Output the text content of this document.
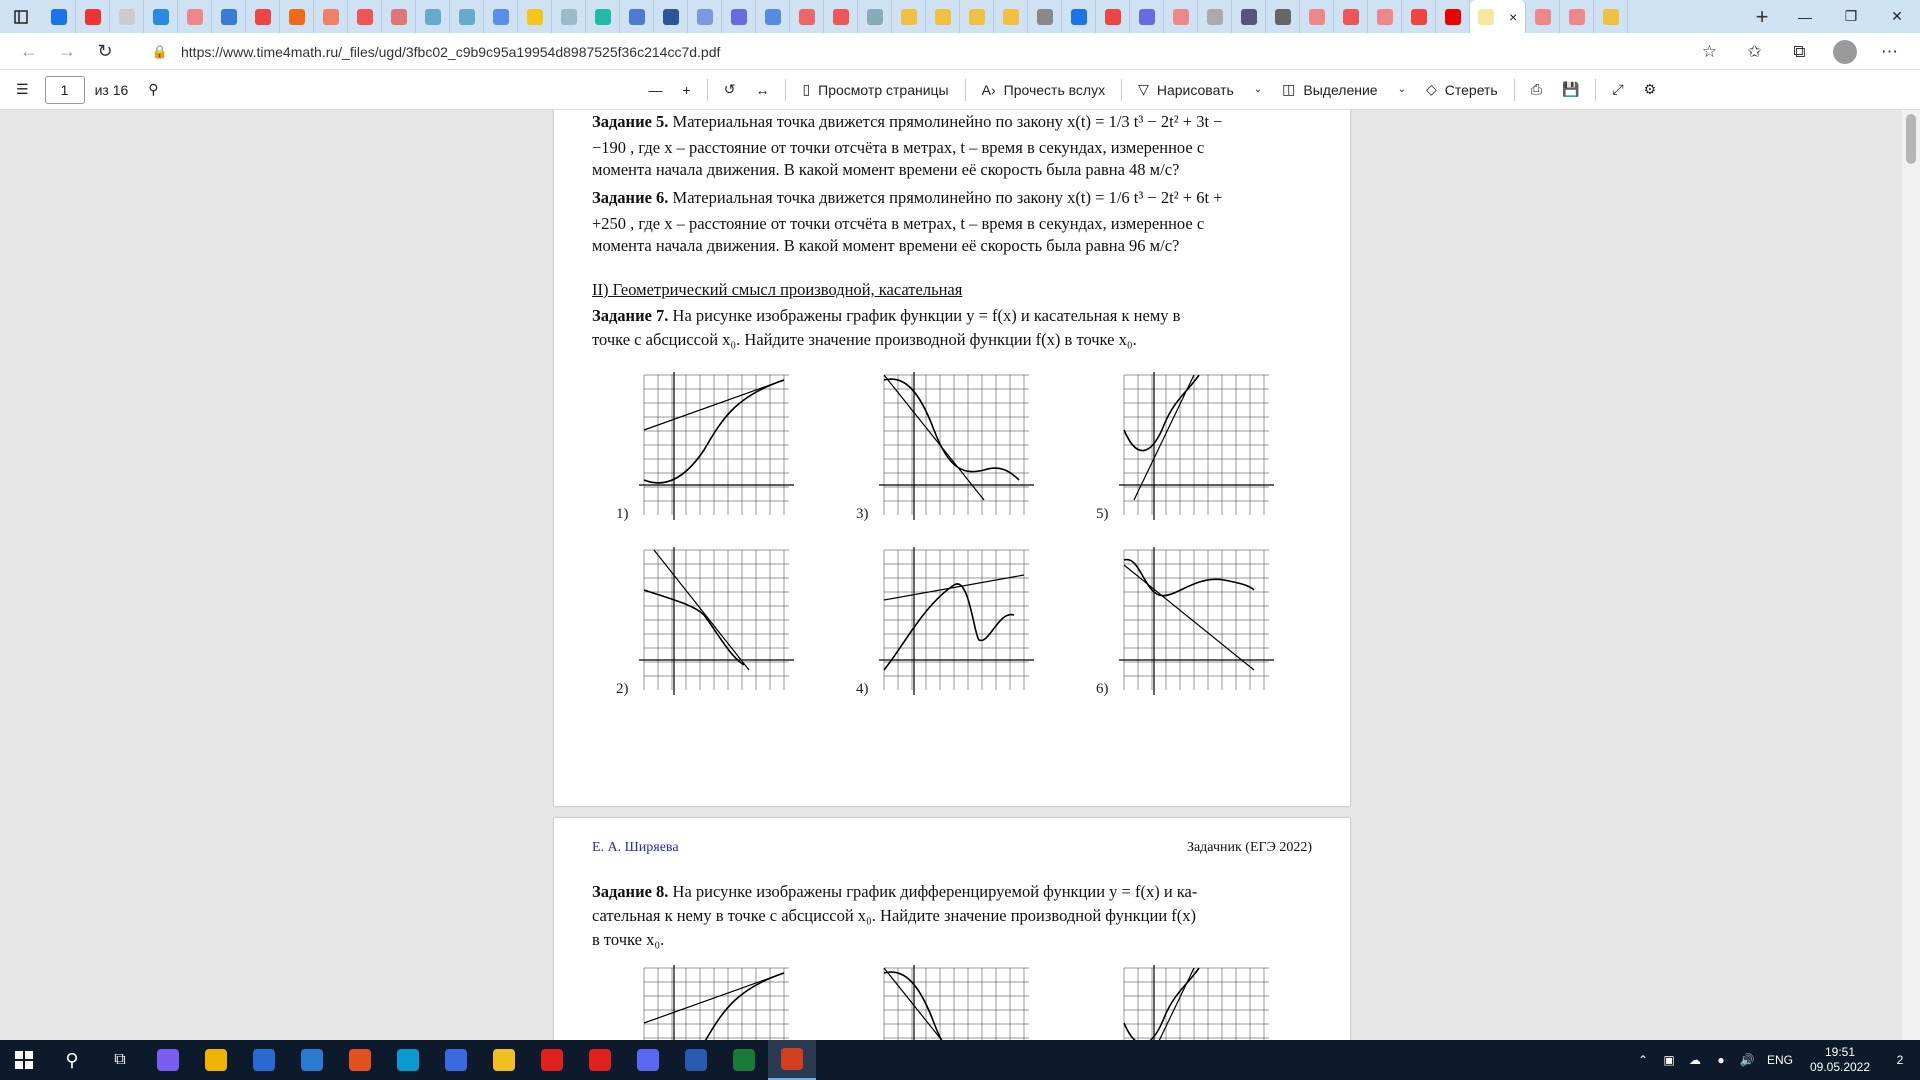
×	+	—	❐	✕
←	→	↻	🔒 https://www.time4math.ru/_files/ugd/3fbc02_c9b9c95a19954d8987525f36c214cc7d.pdf	☆	✩	⧉	⋯
☰ 1	из 16	⚲	— + ↺ ↔ ▯ Просмотр страницы A› Прочесть вслух ▽ Нарисовать ⌄ ◫ Выделение ⌄ ◇ Стереть ⎙ 💾 ⤢ ⚙
Задание 5. Материальная точка движется прямолинейно по закону x(t) = 1/3 t³ − 2t² + 3t −
−190 , где x – расстояние от точки отсчёта в метрах, t – время в секундах, измеренное с
момента начала движения. В какой момент времени её скорость была равна 48 м/с?
Задание 6. Материальная точка движется прямолинейно по закону x(t) = 1/6 t³ − 2t² + 6t +
+250 , где x – расстояние от точки отсчёта в метрах, t – время в секундах, измеренное с
момента начала движения. В какой момент времени её скорость была равна 96 м/с?
II) Геометрический смысл производной, касательная
Задание 7. На рисунке изображены график функции y = f(x) и касательная к нему в
точке с абсциссой x₀. Найдите значение производной функции f(x) в точке x₀.
1)	3)	5)
2)	4)	6)
Е. А. Ширяева	Задачник (ЕГЭ 2022)
Задание 8. На рисунке изображены график дифференцируемой функции y = f(x) и ка-
сательная к нему в точке с абсциссой x₀. Найдите значение производной функции f(x)
в точке x₀.
⚲ ⧉	⌃	▣	☁	●	🔊	ENG
19:51
09.05.2022	2
